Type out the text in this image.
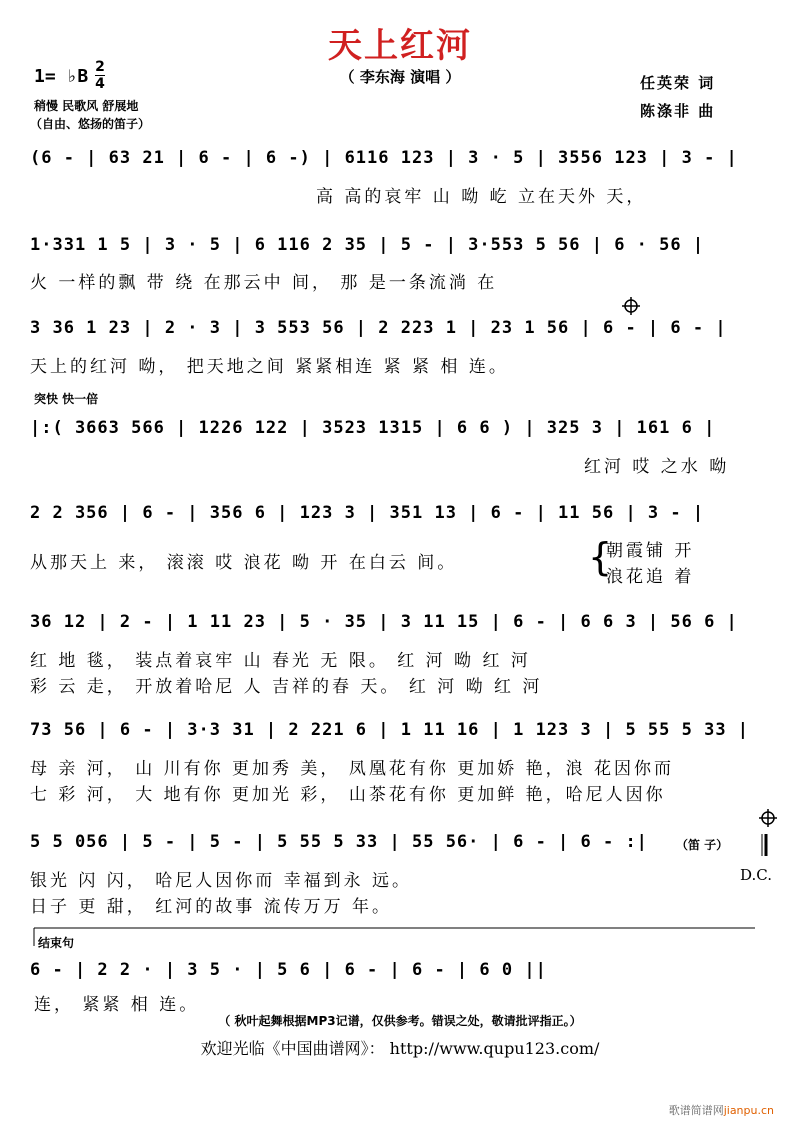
天上红河
（ 李东海 演唱 ）
1= ♭B 2
4
稍慢 民歌风 舒展地
（自由、悠扬的笛子）
任英荣 词
陈涤非 曲
(6 - | 63 21 | 6 - | 6 -) | 6116 123 | 3 · 5 | 3556 123 | 3 - |
高 高的哀牢 山 呦 屹 立在天外 天，
1·331 1 5 | 3 · 5 | 6 116 2 35 | 5 - | 3·553 5 56 | 6 · 56 |
火 一样的飘 带 绕 在那云中 间， 那 是一条流淌 在
3 36 1 23 | 2 · 3 | 3 553 56 | 2 223 1 | 23 1 56 | 6 - | 6 - |
天上的红河 呦， 把天地之间 紧紧相连 紧 紧 相 连。
突快 快一倍
|:( 3663 566 | 1226 122 | 3523 1315 | 6 6 ) | 325 3 | 161 6 |
红河 哎 之水 呦
2 2 356 | 6 - | 356 6 | 123 3 | 351 13 | 6 - | 11 56 | 3 - |
从那天上 来， 滚滚 哎 浪花 呦 开 在白云 间。	{
朝霞铺 开
浪花追 着
36 12 | 2 - | 1 11 23 | 5 · 35 | 3 11 15 | 6 - | 6 6 3 | 56 6 |
红 地 毯， 装点着哀牢 山 春光 无 限。 红 河 呦 红 河
彩 云 走， 开放着哈尼 人 吉祥的春 天。 红 河 呦 红 河
73 56 | 6 - | 3·3 31 | 2 221 6 | 1 11 16 | 1 123 3 | 5 55 5 33 |
母 亲 河， 山 川有你 更加秀 美， 凤凰花有你 更加娇 艳，浪 花因你而
七 彩 河， 大 地有你 更加光 彩， 山茶花有你 更加鲜 艳，哈尼人因你
5 5 056 | 5 - | 5 - | 5 55 5 33 | 55 56· | 6 - | 6 - :| （笛 子）
银光 闪 闪， 哈尼人因你而 幸福到永 远。
日子 更 甜， 红河的故事 流传万万 年。
D.C.
结束句
6 - | 2 2 · | 3 5 · | 5 6 | 6 - | 6 - | 6 0 ||
连， 紧紧 相 连。
（ 秋叶起舞根据MP3记谱，仅供参考。错误之处，敬请批评指正。）
欢迎光临《中国曲谱网》： http://www.qupu123.com/
歌谱简谱网jianpu.cn
